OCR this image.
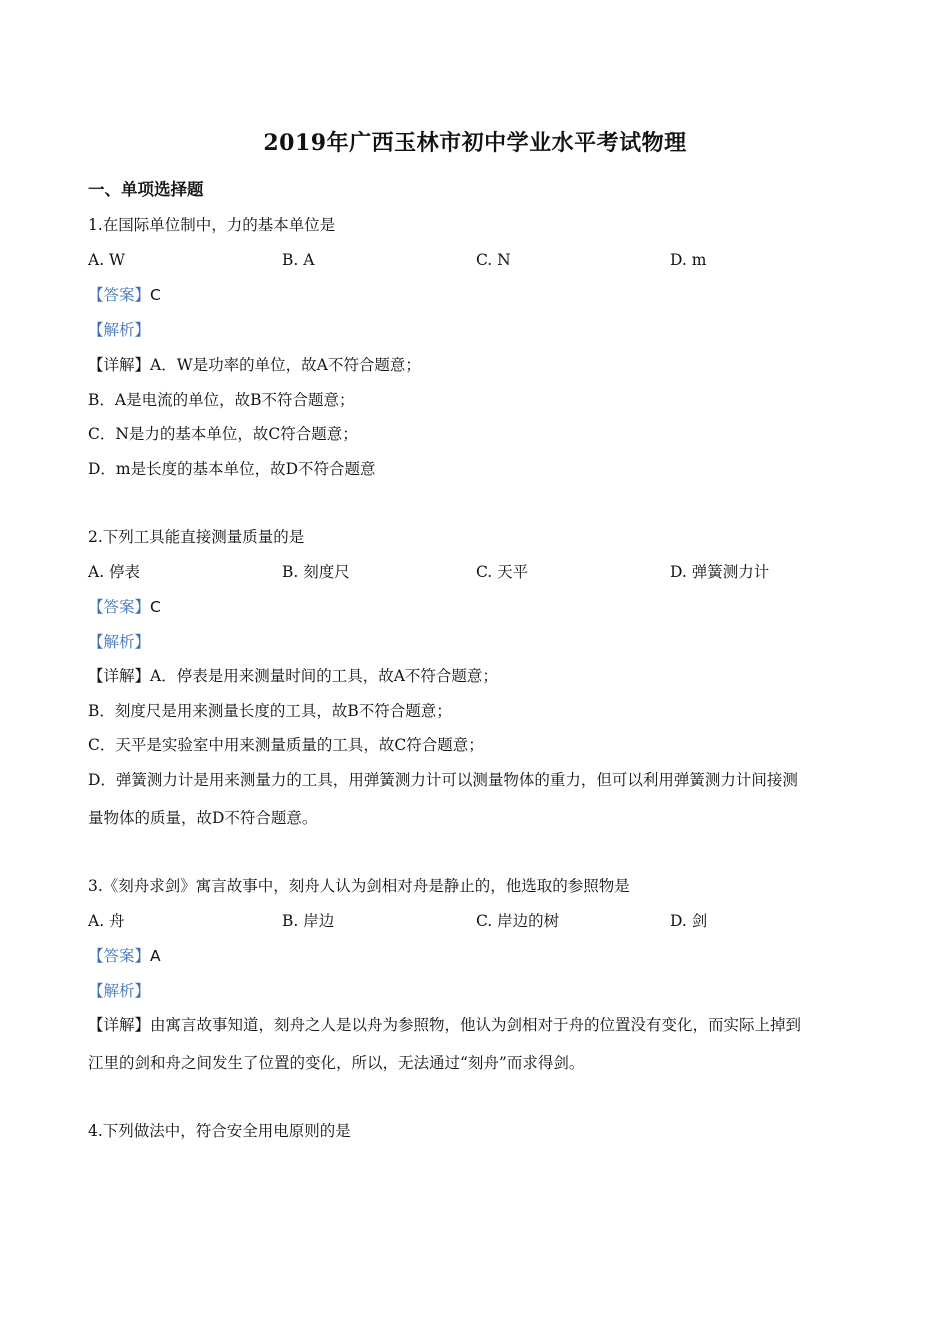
2019年广西玉林市初中学业水平考试物理
一、单项选择题
1.在国际单位制中，力的基本单位是
A. W	B. A	C. N	D. m
【答案】C
【解析】
【详解】A．W是功率的单位，故A不符合题意；
B．A是电流的单位，故B不符合题意；
C．N是力的基本单位，故C符合题意；
D．m是长度的基本单位，故D不符合题意
2.下列工具能直接测量质量的是
A. 停表	B. 刻度尺	C. 天平	D. 弹簧测力计
【答案】C
【解析】
【详解】A．停表是用来测量时间的工具，故A不符合题意；
B．刻度尺是用来测量长度的工具，故B不符合题意；
C．天平是实验室中用来测量质量的工具，故C符合题意；
D．弹簧测力计是用来测量力的工具，用弹簧测力计可以测量物体的重力，但可以利用弹簧测力计间接测
量物体的质量，故D不符合题意。
3.《刻舟求剑》寓言故事中，刻舟人认为剑相对舟是静止的，他选取的参照物是
A. 舟	B. 岸边	C. 岸边的树	D. 剑
【答案】A
【解析】
【详解】由寓言故事知道，刻舟之人是以舟为参照物，他认为剑相对于舟的位置没有变化，而实际上掉到
江里的剑和舟之间发生了位置的变化，所以，无法通过“刻舟”而求得剑。
4.下列做法中，符合安全用电原则的是
